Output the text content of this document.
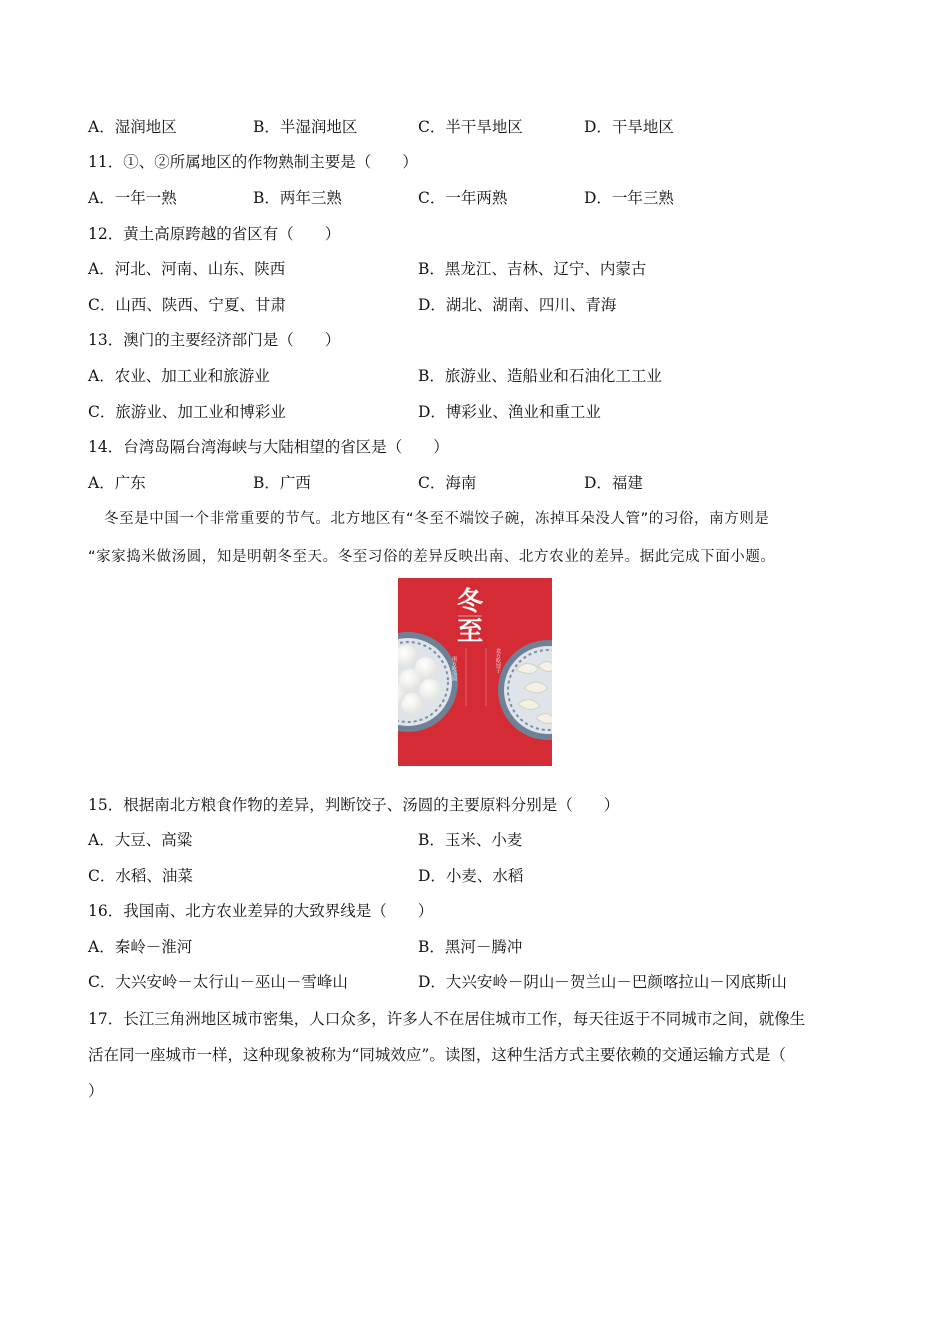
A．湿润地区	B．半湿润地区	C．半干旱地区	D．干旱地区
11．①、②所属地区的作物熟制主要是（　　）
A．一年一熟	B．两年三熟	C．一年两熟	D．一年三熟
12．黄土高原跨越的省区有（　　）
A．河北、河南、山东、陕西	B．黑龙江、吉林、辽宁、内蒙古
C．山西、陕西、宁夏、甘肃	D．湖北、湖南、四川、青海
13．澳门的主要经济部门是（　　）
A．农业、加工业和旅游业	B．旅游业、造船业和石油化工工业
C．旅游业、加工业和博彩业	D．博彩业、渔业和重工业
14．台湾岛隔台湾海峡与大陆相望的省区是（　　）
A．广东	B．广西	C．海南	D．福建
冬至是中国一个非常重要的节气。北方地区有“冬至不端饺子碗，冻掉耳朵没人管”的习俗，南方则是
“家家捣米做汤圆，知是明朝冬至天。冬至习俗的差异反映出南、北方农业的差异。据此完成下面小题。
冬
至
南方吃汤圆	北方吃饺子
15．根据南北方粮食作物的差异，判断饺子、汤圆的主要原料分别是（　　）
A．大豆、高粱	B．玉米、小麦
C．水稻、油菜	D．小麦、水稻
16．我国南、北方农业差异的大致界线是（　　）
A．秦岭－淮河	B．黑河－腾冲
C．大兴安岭－太行山－巫山－雪峰山	D．大兴安岭－阴山－贺兰山－巴颜喀拉山－冈底斯山
17．长江三角洲地区城市密集，人口众多，许多人不在居住城市工作，每天往返于不同城市之间，就像生
活在同一座城市一样，这种现象被称为“同城效应”。读图，这种生活方式主要依赖的交通运输方式是（
）
